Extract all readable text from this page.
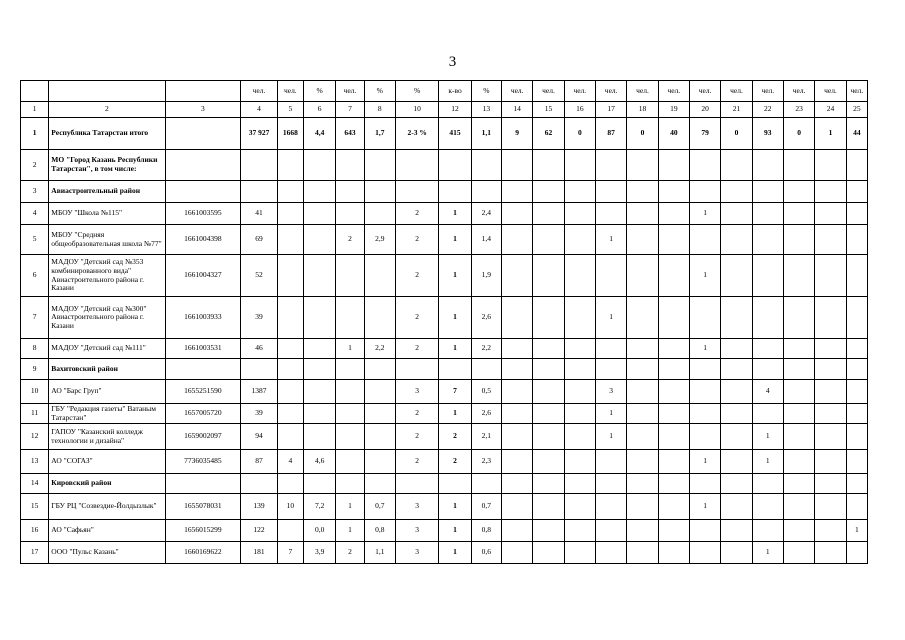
3
			чел.	чел.	%	чел.	%	%	к-во	%	чел.	чел.	чел.	чел.	чел.	чел.	чел.	чел.	чел.	чел.	чел.	чел.
1	2	3	4	5	6	7	8	10	12	13	14	15	16	17	18	19	20	21	22	23	24	25
1	Республика Татарстан итого		37 927	1668	4,4	643	1,7	2-3 %	415	1,1	9	62	0	87	0	40	79	0	93	0	1	44
2	МО "Город Казань Республики Татарстан", в том числе:																					
3	Авиастроительный район																					
4	МБОУ "Школа №115"	1661003595	41					2	1	2,4							1					
5	МБОУ "Средняя общеобразовательная школа №77"	1661004398	69			2	2,9	2	1	1,4				1								
6	МАДОУ "Детский сад №353 комбинированного вида" Авиастроительного района г. Казани	1661004327	52					2	1	1,9							1					
7	МАДОУ "Детский сад №300" Авиастроительного района г. Казани	1661003933	39					2	1	2,6				1								
8	МАДОУ "Детский сад №111"	1661003531	46			1	2,2	2	1	2,2							1					
9	Вахитовский район																					
10	АО "Барс Груп"	1655251590	1387					3	7	0,5				3					4			
11	ГБУ "Редакция газеты" Ватаным Татарстан"	1657005720	39					2	1	2,6				1								
12	ГАПОУ "Казанский колледж технологии и дизайна"	1659002097	94					2	2	2,1				1					1			
13	АО "СОГАЗ"	7736035485	87	4	4,6			2	2	2,3							1		1			
14	Кировский район																					
15	ГБУ РЦ "Созвездие-Йолдызлык"	1655078031	139	10	7,2	1	0,7	3	1	0,7							1					
16	АО "Сафьян"	1656015299	122		0,0	1	0,8	3	1	0,8												1
17	ООО "Пульс Казань"	1660169622	181	7	3,9	2	1,1	3	1	0,6									1			
